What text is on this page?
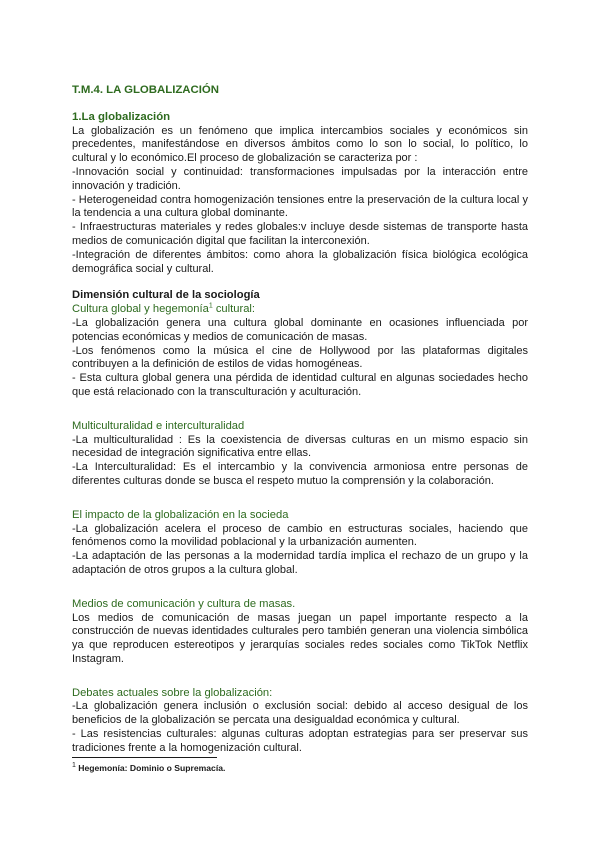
T.M.4. LA GLOBALIZACIÓN
1.La globalización

La globalización es un fenómeno que implica intercambios sociales y económicos sin precedentes, manifestándose en diversos ámbitos como lo son lo social, lo político, lo cultural y lo económico.El proceso de globalización se caracteriza por :

-Innovación social y continuidad: transformaciones impulsadas por la interacción entre innovación y tradición.

- Heterogeneidad contra homogenización tensiones entre la preservación de la cultura local y la tendencia a una cultura global dominante.

- Infraestructuras materiales y redes globales:v incluye desde sistemas de transporte hasta medios de comunicación digital que facilitan la interconexión.

-Integración de diferentes ámbitos: como ahora la globalización física biológica ecológica demográfica social y cultural.

Dimensión cultural de la sociología
Cultura global y hegemonía$^1$ cultural:

-La globalización genera una cultura global dominante en ocasiones influenciada por potencias económicas y medios de comunicación de masas.

-Los fenómenos como la música el cine de Hollywood por las plataformas digitales contribuyen a la definición de estilos de vidas homogéneas.

- Esta cultura global genera una pérdida de identidad cultural en algunas sociedades hecho que está relacionado con la transculturación y aculturación.

Multiculturalidad e interculturalidad

-La multiculturalidad : Es la coexistencia de diversas culturas en un mismo espacio sin necesidad de integración significativa entre ellas.

-La Interculturalidad: Es el intercambio y la convivencia armoniosa entre personas de diferentes culturas donde se busca el respeto mutuo la comprensión y la colaboración.

El impacto de la globalización en la socieda

-La globalización acelera el proceso de cambio en estructuras sociales, haciendo que fenómenos como la movilidad poblacional y la urbanización aumenten.

-La adaptación de las personas a la modernidad tardía implica el rechazo de un grupo y la adaptación de otros grupos a la cultura global.

Medios de comunicación y cultura de masas.

Los medios de comunicación de masas juegan un papel importante respecto a la construcción de nuevas identidades culturales pero también generan una violencia simbólica ya que reproducen estereotipos y jerarquías sociales redes sociales como TikTok Netflix Instagram.

Debates actuales sobre la globalización:

-La globalización genera inclusión o exclusión social: debido al acceso desigual de los beneficios de la globalización se percata una desigualdad económica y cultural.

- Las resistencias culturales: algunas culturas adoptan estrategias para ser preservar sus tradiciones frente a la homogenización cultural.

$^1$ Hegemonía: Dominio o Supremacía.
